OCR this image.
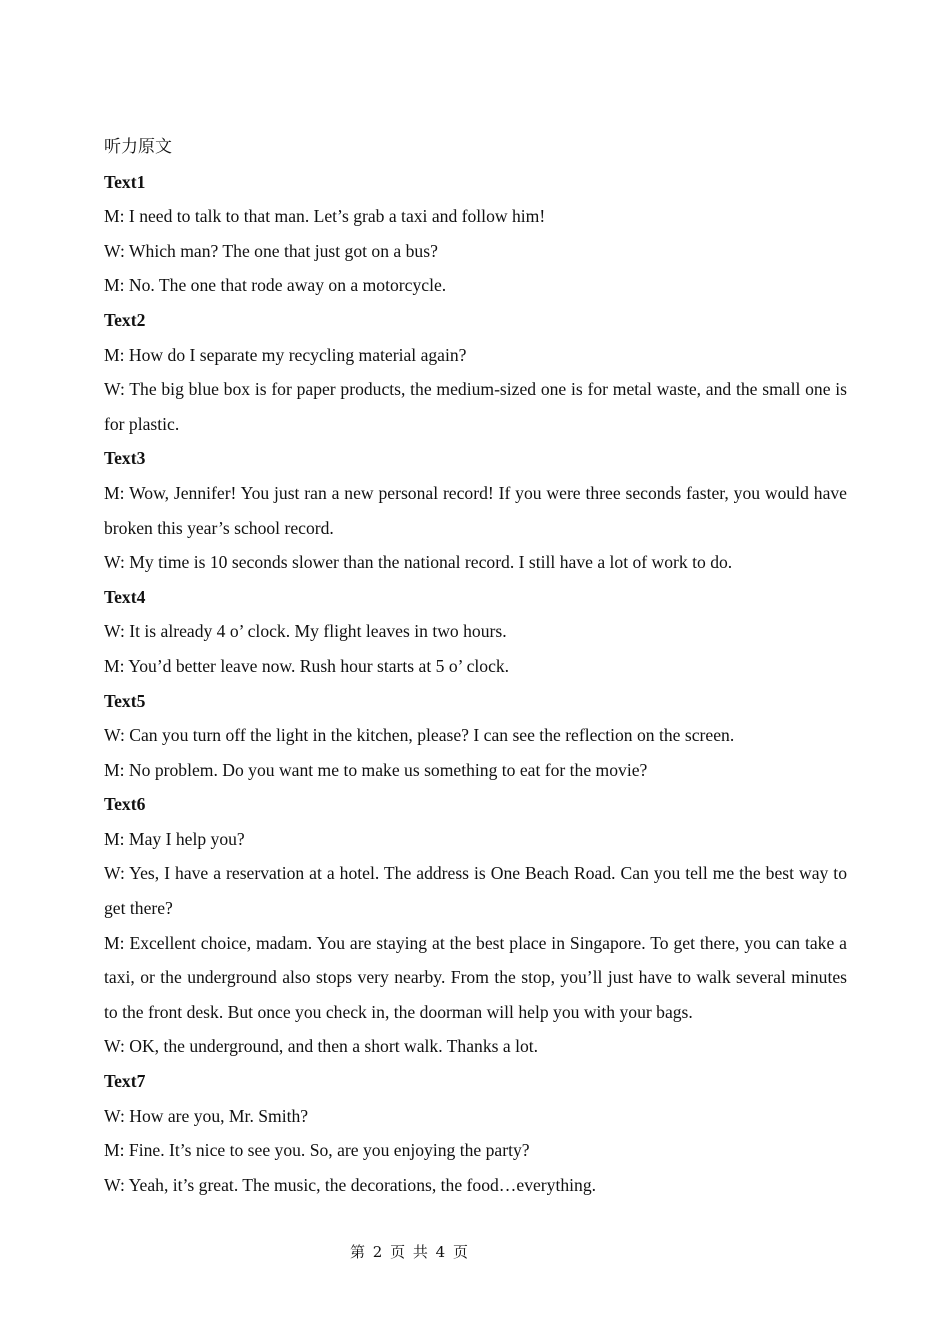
听力原文

Text1

M: I need to talk to that man. Let’s grab a taxi and follow him!

W: Which man? The one that just got on a bus?

M: No. The one that rode away on a motorcycle.

Text2

M: How do I separate my recycling material again?

W: The big blue box is for paper products, the medium-sized one is for metal waste, and the small one is for plastic.

Text3

M: Wow, Jennifer! You just ran a new personal record! If you were three seconds faster, you would have broken this year’s school record.

W: My time is 10 seconds slower than the national record. I still have a lot of work to do.

Text4

W: It is already 4 o’ clock. My flight leaves in two hours.

M: You’d better leave now. Rush hour starts at 5 o’ clock.

Text5

W: Can you turn off the light in the kitchen, please? I can see the reflection on the screen.

M: No problem. Do you want me to make us something to eat for the movie?

Text6

M: May I help you?

W: Yes, I have a reservation at a hotel. The address is One Beach Road. Can you tell me the best way to get there?

M: Excellent choice, madam. You are staying at the best place in Singapore. To get there, you can take a taxi, or the underground also stops very nearby. From the stop, you’ll just have to walk several minutes to the front desk. But once you check in, the doorman will help you with your bags.

W: OK, the underground, and then a short walk. Thanks a lot.

Text7

W: How are you, Mr. Smith?

M: Fine. It’s nice to see you. So, are you enjoying the party?

W: Yeah, it’s great. The music, the decorations, the food…everything.

第 2 页 共 4 页
